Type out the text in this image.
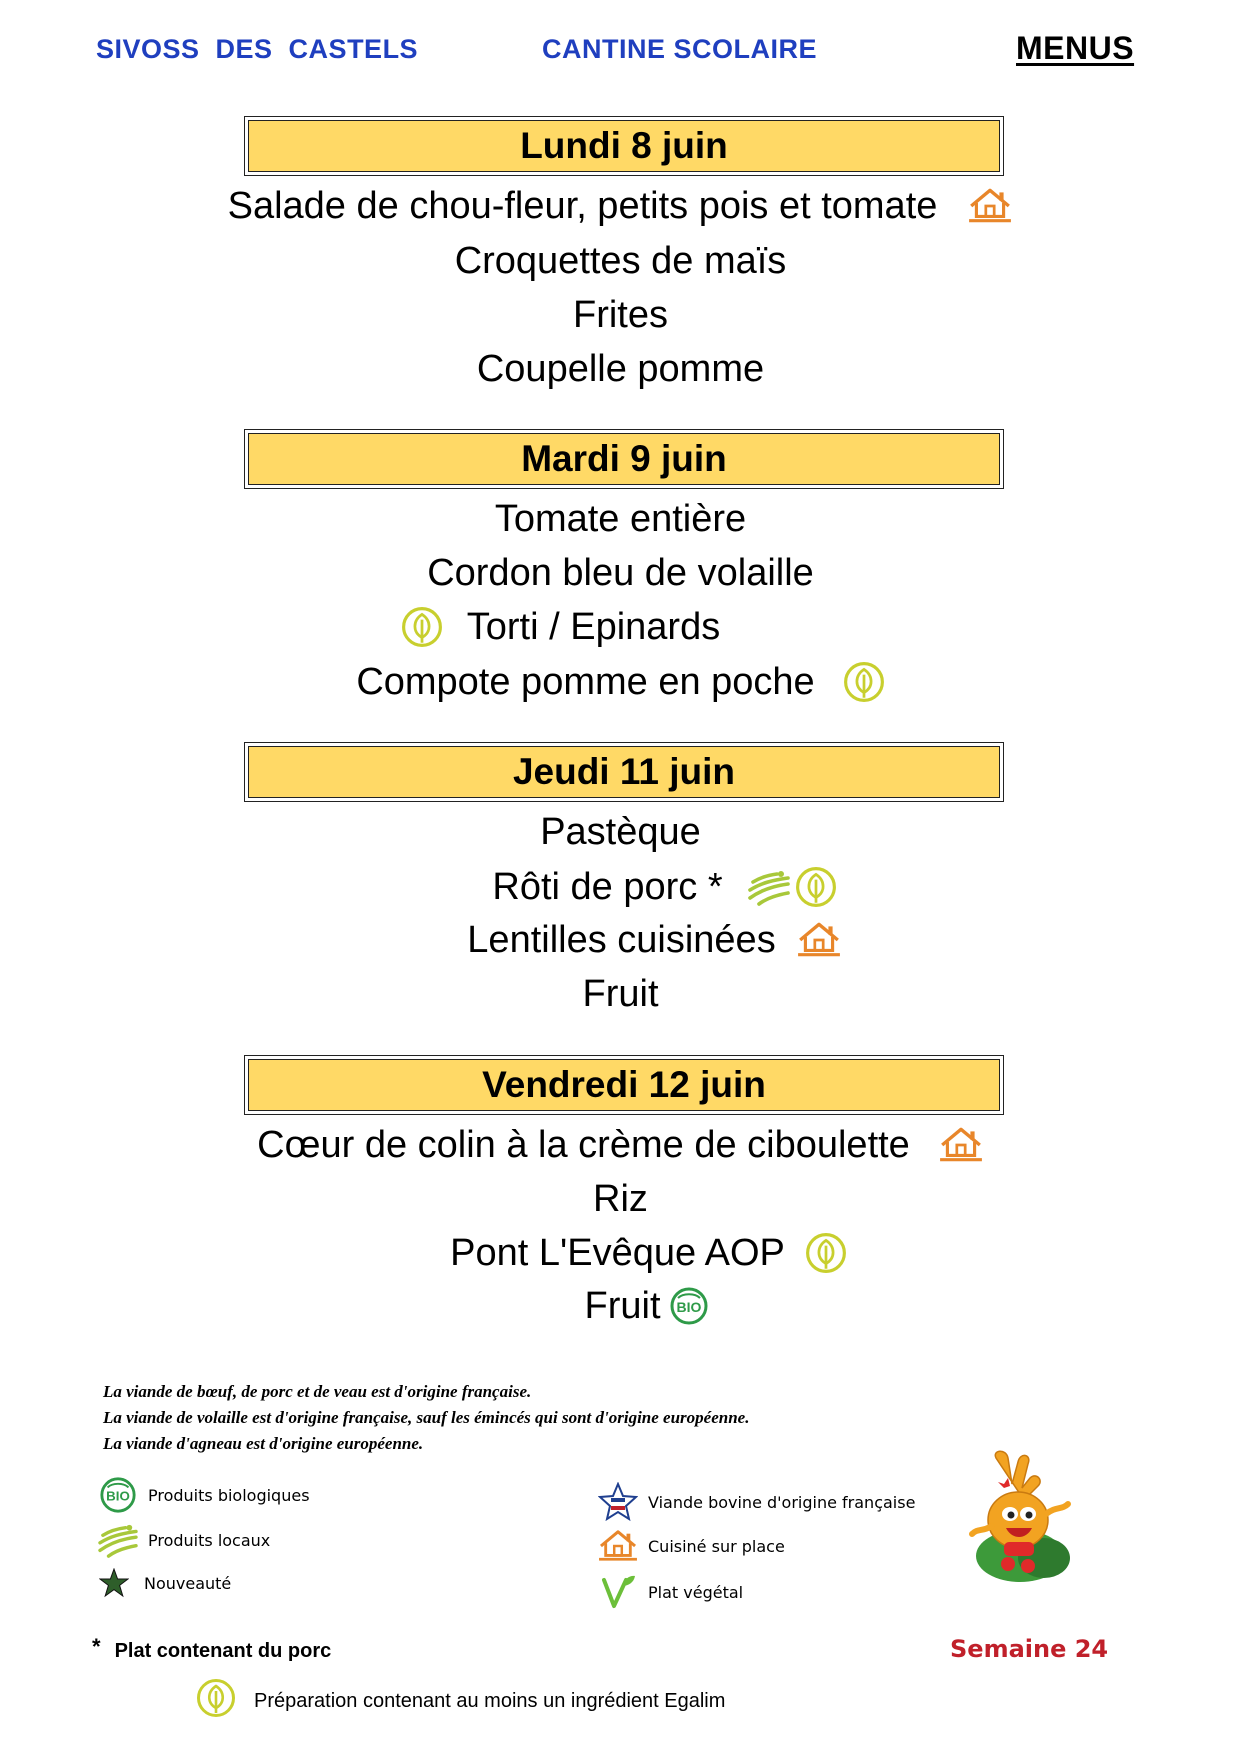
SIVOSS DES CASTELS	CANTINE SCOLAIRE	MENUS
Lundi 8 juin
Salade de chou-fleur, petits pois et tomate
Croquettes de maïs
Frites
Coupelle pomme
Mardi 9 juin
Tomate entière
Cordon bleu de volaille
Torti / Epinards
Compote pomme en poche
Jeudi 11 juin
Pastèque
Rôti de porc *
Lentilles cuisinées
Fruit
Vendredi 12 juin
Cœur de colin à la crème de ciboulette
Riz
Pont L'Evêque AOP
Fruit
La viande de bœuf, de porc et de veau est d'origine française.
La viande de volaille est d'origine française, sauf les émincés qui sont d'origine européenne.
La viande d'agneau est d'origine européenne.
Produits biologiques
Produits locaux
Nouveauté
Viande bovine d'origine française
Cuisiné sur place
Plat végétal
* Plat contenant du porc	Semaine 24
Préparation contenant au moins un ingrédient Egalim
